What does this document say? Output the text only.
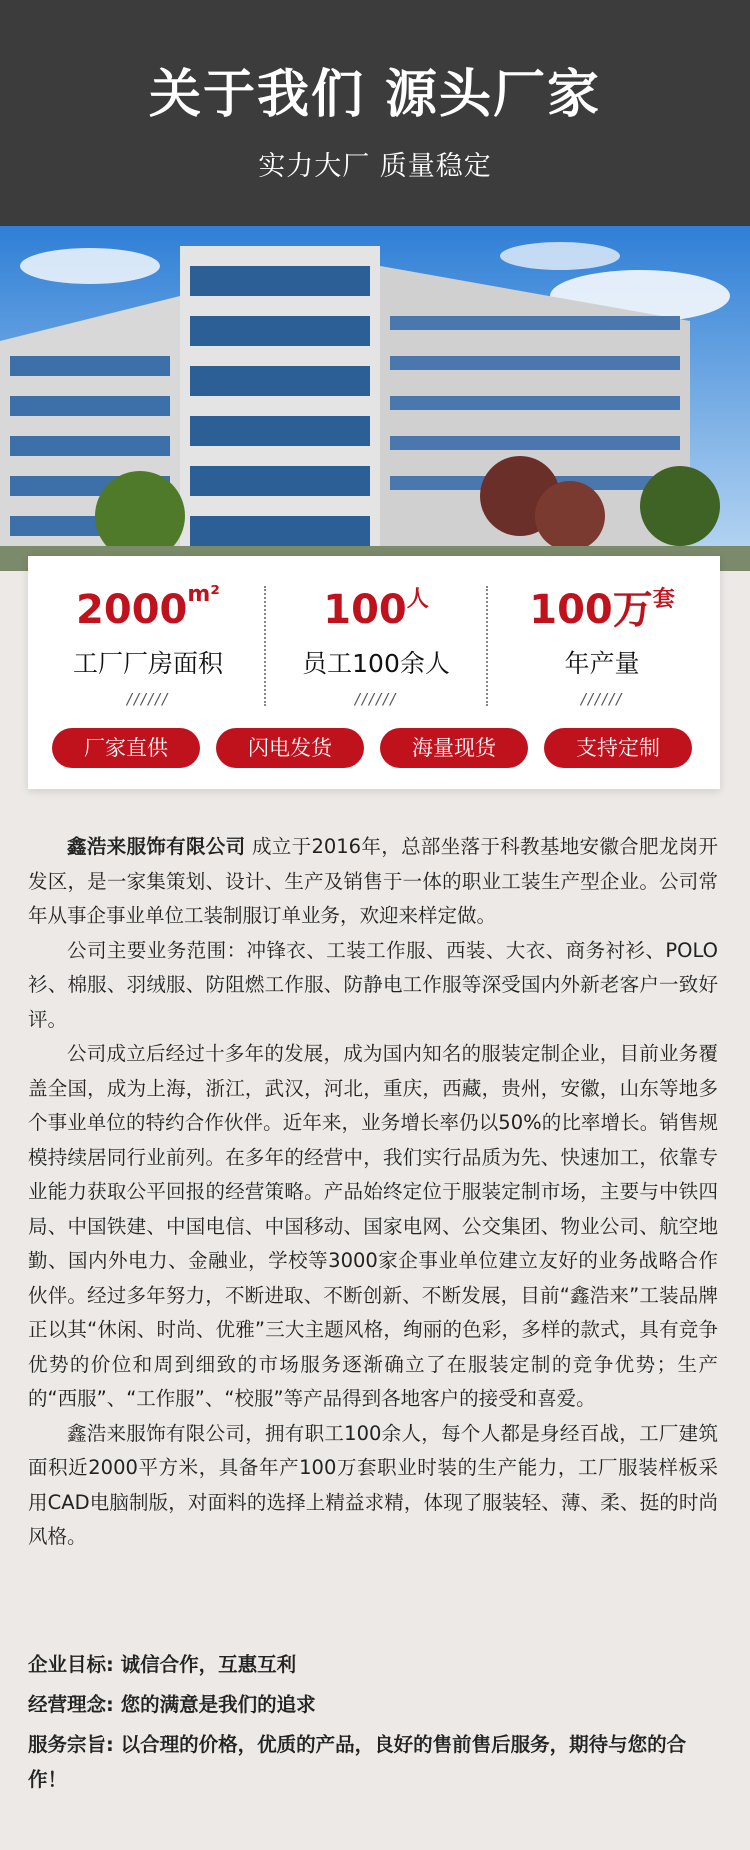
关于我们 源头厂家
实力大厂 质量稳定
2000m²
工厂厂房面积
//////
100人
员工100余人
//////
100万套
年产量
//////
厂家直供	闪电发货	海量现货	支持定制

鑫浩来服饰有限公司 成立于2016年，总部坐落于科教基地安徽合肥龙岗开发区，是一家集策划、设计、生产及销售于一体的职业工装生产型企业。公司常年从事企事业单位工装制服订单业务，欢迎来样定做。

公司主要业务范围：冲锋衣、工装工作服、西装、大衣、商务衬衫、POLO衫、棉服、羽绒服、防阻燃工作服、防静电工作服等深受国内外新老客户一致好评。

公司成立后经过十多年的发展，成为国内知名的服装定制企业，目前业务覆盖全国，成为上海，浙江，武汉，河北，重庆，西藏，贵州，安徽，山东等地多个事业单位的特约合作伙伴。近年来，业务增长率仍以50%的比率增长。销售规模持续居同行业前列。在多年的经营中，我们实行品质为先、快速加工，依靠专业能力获取公平回报的经营策略。产品始终定位于服装定制市场，主要与中铁四局、中国铁建、中国电信、中国移动、国家电网、公交集团、物业公司、航空地勤、国内外电力、金融业，学校等3000家企事业单位建立友好的业务战略合作伙伴。经过多年努力，不断进取、不断创新、不断发展，目前“鑫浩来”工装品牌正以其“休闲、时尚、优雅”三大主题风格，绚丽的色彩，多样的款式，具有竞争优势的价位和周到细致的市场服务逐渐确立了在服装定制的竞争优势；生产的“西服”、“工作服”、“校服”等产品得到各地客户的接受和喜爱。

鑫浩来服饰有限公司，拥有职工100余人，每个人都是身经百战，工厂建筑面积近2000平方米，具备年产100万套职业时装的生产能力，工厂服装样板采用CAD电脑制版，对面料的选择上精益求精，体现了服装轻、薄、柔、挺的时尚风格。

企业目标: 诚信合作，互惠互利
经营理念: 您的满意是我们的追求
服务宗旨: 以合理的价格，优质的产品，良好的售前售后服务，期待与您的合作！
